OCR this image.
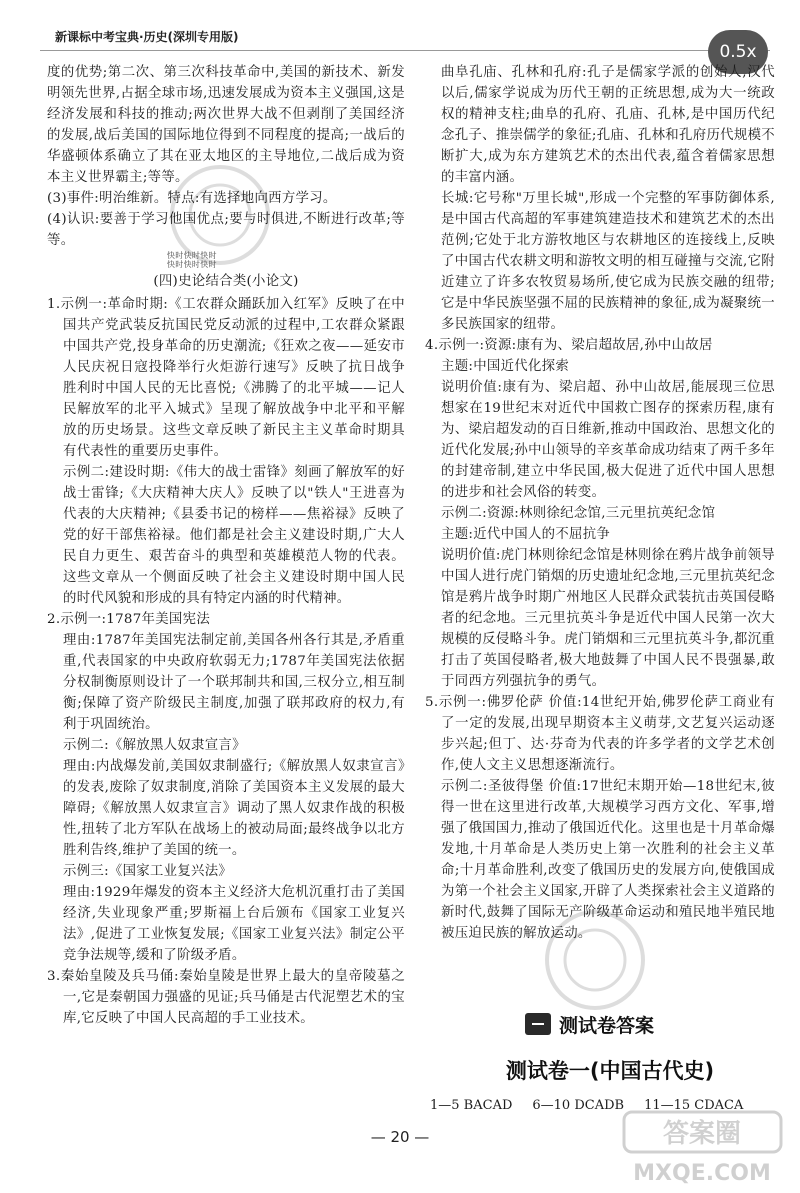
新课标中考宝典·历史(深圳专用版)
0.5x

度的优势;第二次、第三次科技革命中,美国的新技术、新发明领先世界,占据全球市场,迅速发展成为资本主义强国,这是经济发展和科技的推动;两次世界大战不但剥削了美国经济的发展,战后美国的国际地位得到不同程度的提高;一战后的华盛顿体系确立了其在亚太地区的主导地位,二战后成为资本主义世界霸主;等等。

(3)事件:明治维新。特点:有选择地向西方学习。

(4)认识:要善于学习他国优点;要与时俱进,不断进行改革;等等。

快时快时快时
快时快时快时

(四)史论结合类(小论文)

1.示例一:革命时期:《工农群众踊跃加入红军》反映了在中国共产党武装反抗国民党反动派的过程中,工农群众紧跟中国共产党,投身革命的历史潮流;《狂欢之夜——延安市人民庆祝日寇投降举行火炬游行速写》反映了抗日战争胜利时中国人民的无比喜悦;《沸腾了的北平城——记人民解放军的北平入城式》呈现了解放战争中北平和平解放的历史场景。这些文章反映了新民主主义革命时期具有代表性的重要历史事件。

示例二:建设时期:《伟大的战士雷锋》刻画了解放军的好战士雷锋;《大庆精神大庆人》反映了以"铁人"王进喜为代表的大庆精神;《县委书记的榜样——焦裕禄》反映了党的好干部焦裕禄。他们都是社会主义建设时期,广大人民自力更生、艰苦奋斗的典型和英雄模范人物的代表。这些文章从一个侧面反映了社会主义建设时期中国人民的时代风貌和形成的具有特定内涵的时代精神。

2.示例一:1787年美国宪法

理由:1787年美国宪法制定前,美国各州各行其是,矛盾重重,代表国家的中央政府软弱无力;1787年美国宪法依据分权制衡原则设计了一个联邦制共和国,三权分立,相互制衡;保障了资产阶级民主制度,加强了联邦政府的权力,有利于巩固统治。

示例二:《解放黑人奴隶宣言》

理由:内战爆发前,美国奴隶制盛行;《解放黑人奴隶宣言》的发表,废除了奴隶制度,消除了美国资本主义发展的最大障碍;《解放黑人奴隶宣言》调动了黑人奴隶作战的积极性,扭转了北方军队在战场上的被动局面;最终战争以北方胜利告终,维护了美国的统一。

示例三:《国家工业复兴法》

理由:1929年爆发的资本主义经济大危机沉重打击了美国经济,失业现象严重;罗斯福上台后颁布《国家工业复兴法》,促进了工业恢复发展;《国家工业复兴法》制定公平竞争法规等,缓和了阶级矛盾。

3.秦始皇陵及兵马俑:秦始皇陵是世界上最大的皇帝陵墓之一,它是秦朝国力强盛的见证;兵马俑是古代泥塑艺术的宝库,它反映了中国人民高超的手工业技术。

曲阜孔庙、孔林和孔府:孔子是儒家学派的创始人,汉代以后,儒家学说成为历代王朝的正统思想,成为大一统政权的精神支柱;曲阜的孔府、孔庙、孔林,是中国历代纪念孔子、推崇儒学的象征;孔庙、孔林和孔府历代规模不断扩大,成为东方建筑艺术的杰出代表,蕴含着儒家思想的丰富内涵。

长城:它号称"万里长城",形成一个完整的军事防御体系,是中国古代高超的军事建筑建造技术和建筑艺术的杰出范例;它处于北方游牧地区与农耕地区的连接线上,反映了中国古代农耕文明和游牧文明的相互碰撞与交流,它附近建立了许多农牧贸易场所,使它成为民族交融的纽带;它是中华民族坚强不屈的民族精神的象征,成为凝聚统一多民族国家的纽带。

4.示例一:资源:康有为、梁启超故居,孙中山故居

主题:中国近代化探索

说明价值:康有为、梁启超、孙中山故居,能展现三位思想家在19世纪末对近代中国救亡图存的探索历程,康有为、梁启超发动的百日维新,推动中国政治、思想文化的近代化发展;孙中山领导的辛亥革命成功结束了两千多年的封建帝制,建立中华民国,极大促进了近代中国人思想的进步和社会风俗的转变。

示例二:资源:林则徐纪念馆,三元里抗英纪念馆

主题:近代中国人的不屈抗争

说明价值:虎门林则徐纪念馆是林则徐在鸦片战争前领导中国人进行虎门销烟的历史遗址纪念地,三元里抗英纪念馆是鸦片战争时期广州地区人民群众武装抗击英国侵略者的纪念地。三元里抗英斗争是近代中国人民第一次大规模的反侵略斗争。虎门销烟和三元里抗英斗争,都沉重打击了英国侵略者,极大地鼓舞了中国人民不畏强暴,敢于同西方列强抗争的勇气。

5.示例一:佛罗伦萨 价值:14世纪开始,佛罗伦萨工商业有了一定的发展,出现早期资本主义萌芽,文艺复兴运动逐步兴起;但丁、达·芬奇为代表的许多学者的文学艺术创作,使人文主义思想逐渐流行。

示例二:圣彼得堡 价值:17世纪末期开始—18世纪末,彼得一世在这里进行改革,大规模学习西方文化、军事,增强了俄国国力,推动了俄国近代化。这里也是十月革命爆发地,十月革命是人类历史上第一次胜利的社会主义革命;十月革命胜利,改变了俄国历史的发展方向,使俄国成为第一个社会主义国家,开辟了人类探索社会主义道路的新时代,鼓舞了国际无产阶级革命运动和殖民地半殖民地被压迫民族的解放运动。

测试卷答案
测试卷一(中国古代史)
1—5 BACAD 6—10 DCADB 11—15 CDACA
— 20 —	答案圈
MXQE.COM
